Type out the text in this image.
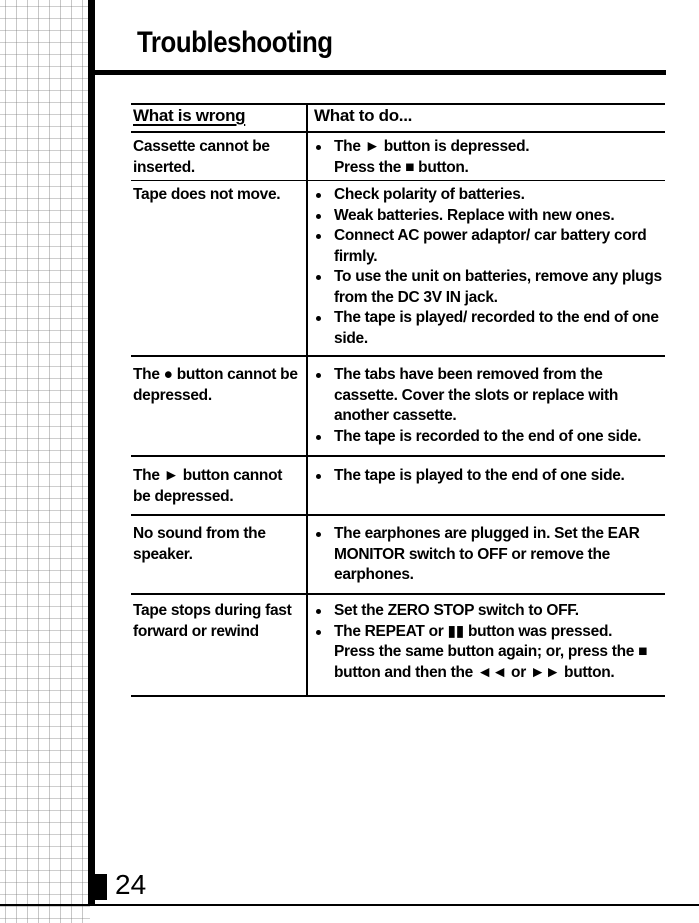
Troubleshooting
What is wrong	What to do...
Cassette cannot be inserted.
The ► button is depressed.
Press the ■ button.
Tape does not move.	Check polarity of batteries.
Weak batteries. Replace with new ones.
Connect AC power adaptor/ car battery cord firmly.
To use the unit on batteries, remove any plugs from the DC 3V IN jack.
The tape is played/ recorded to the end of one side.
The ● button cannot be depressed.
The tabs have been removed from the cassette. Cover the slots or replace with another cassette.
The tape is recorded to the end of one side.
The ► button cannot be depressed.
The tape is played to the end of one side.
No sound from the speaker.
The earphones are plugged in. Set the EAR MONITOR switch to OFF or remove the earphones.
Tape stops during fast forward or rewind
Set the ZERO STOP switch to OFF.
The REPEAT or ▮▮ button was pressed.
Press the same button again; or, press the ■ button and then the ◄◄ or ►► button.
24
